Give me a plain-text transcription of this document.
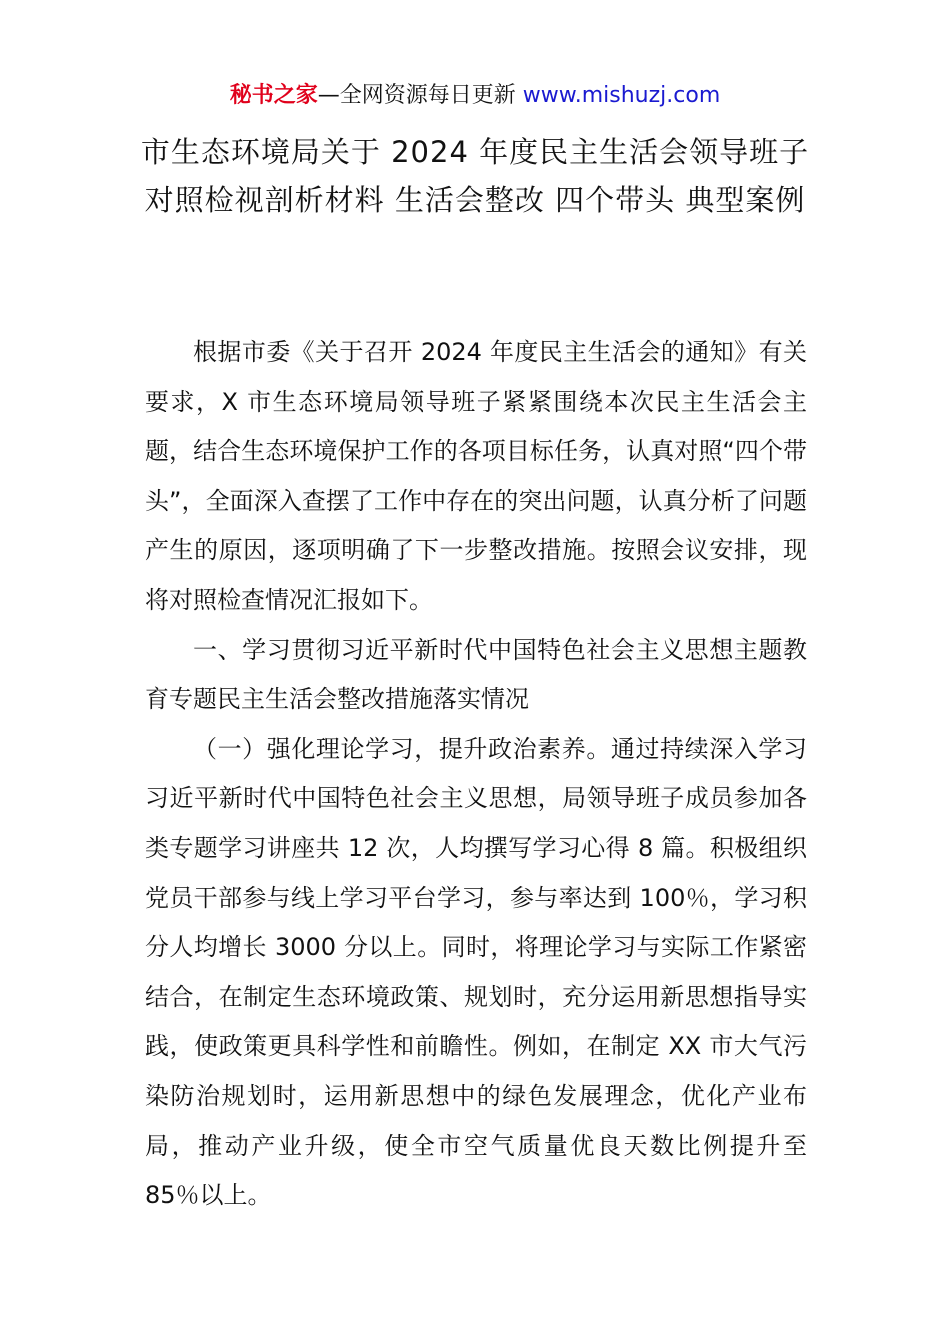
秘书之家—全网资源每日更新 www.mishuzj.com
市生态环境局关于 2024 年度民主生活会领导班子对照检视剖析材料 生活会整改 四个带头 典型案例

根据市委《关于召开 2024 年度民主生活会的通知》有关要求，X 市生态环境局领导班子紧紧围绕本次民主生活会主题，结合生态环境保护工作的各项目标任务，认真对照“四个带头”，全面深入查摆了工作中存在的突出问题，认真分析了问题产生的原因，逐项明确了下一步整改措施。按照会议安排，现将对照检查情况汇报如下。

一、学习贯彻习近平新时代中国特色社会主义思想主题教育专题民主生活会整改措施落实情况

（一）强化理论学习，提升政治素养。通过持续深入学习习近平新时代中国特色社会主义思想，局领导班子成员参加各类专题学习讲座共 12 次，人均撰写学习心得 8 篇。积极组织党员干部参与线上学习平台学习，参与率达到 100％，学习积分人均增长 3000 分以上。同时，将理论学习与实际工作紧密结合，在制定生态环境政策、规划时，充分运用新思想指导实践，使政策更具科学性和前瞻性。例如，在制定 XX 市大气污染防治规划时，运用新思想中的绿色发展理念，优化产业布局，推动产业升级，使全市空气质量优良天数比例提升至 85％以上。
